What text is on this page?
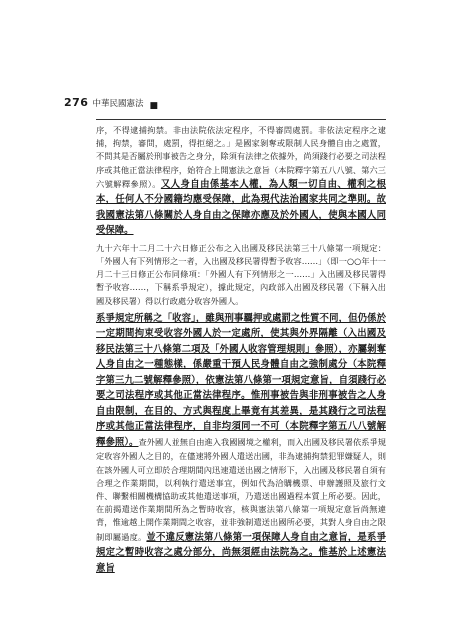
276 中華民國憲法 ■

序，不得逮捕拘禁。非由法院依法定程序，不得審問處罰。非依法定程序之逮捕，拘禁，審問，處罰，得拒絕之。」是國家剝奪或限制人民身體自由之處置，不問其是否屬於刑事被告之身分，除須有法律之依據外，尚須踐行必要之司法程序或其他正當法律程序，始符合上開憲法之意旨（本院釋字第五八八號、第六三六號解釋參照）。又人身自由係基本人權，為人類一切自由、權利之根本，任何人不分國籍均應受保障，此為現代法治國家共同之準則。故我國憲法第八條關於人身自由之保障亦應及於外國人，使與本國人同受保障。

九十六年十二月二十六日修正公布之入出國及移民法第三十八條第一項規定：「外國人有下列情形之一者，入出國及移民署得暫予收容……」（即一○○年十一月二十三日修正公布同條項：「外國人有下列情形之一……」入出國及移民署得暫予收容……，下稱系爭規定），據此規定，內政部入出國及移民署（下稱入出國及移民署）得以行政處分收容外國人。

系爭規定所稱之「收容」，雖與刑事羈押或處罰之性質不同，但仍係於一定期間拘束受收容外國人於一定處所，使其與外界隔離（入出國及移民法第三十八條第二項及「外國人收容管理規則」參照），亦屬剝奪人身自由之一種態樣，係嚴重干預人民身體自由之強制處分（本院釋字第三九二號解釋參照），依憲法第八條第一項規定意旨，自須踐行必要之司法程序或其他正當法律程序。惟刑事被告與非刑事被告之人身自由限制，在目的、方式與程度上畢竟有其差異，是其踐行之司法程序或其他正當法律程序，自非均須同一不可（本院釋字第五八八號解釋參照）。查外國人並無自由進入我國國境之權利，而入出國及移民署依系爭規定收容外國人之目的，在儘速將外國人遣送出國，非為逮捕拘禁犯罪嫌疑人，則在該外國人可立即於合理期間內迅速遣送出國之情形下，入出國及移民署自須有合理之作業期間，以利執行遣送事宜，例如代為洽購機票、申辦護照及旅行文件、聯繫相關機構協助或其他遣送事項，乃遣送出國過程本質上所必要。因此，在前揭遣送作業期間所為之暫時收容，核與憲法第八條第一項規定意旨尚無違背，惟逾越上開作業期間之收容，並非強制遣送出國所必要，其對人身自由之限制即屬過度。並不違反憲法第八條第一項保障人身自由之意旨，是系爭規定之暫時收容之處分部分，尚無須經由法院為之。惟基於上述憲法意旨
